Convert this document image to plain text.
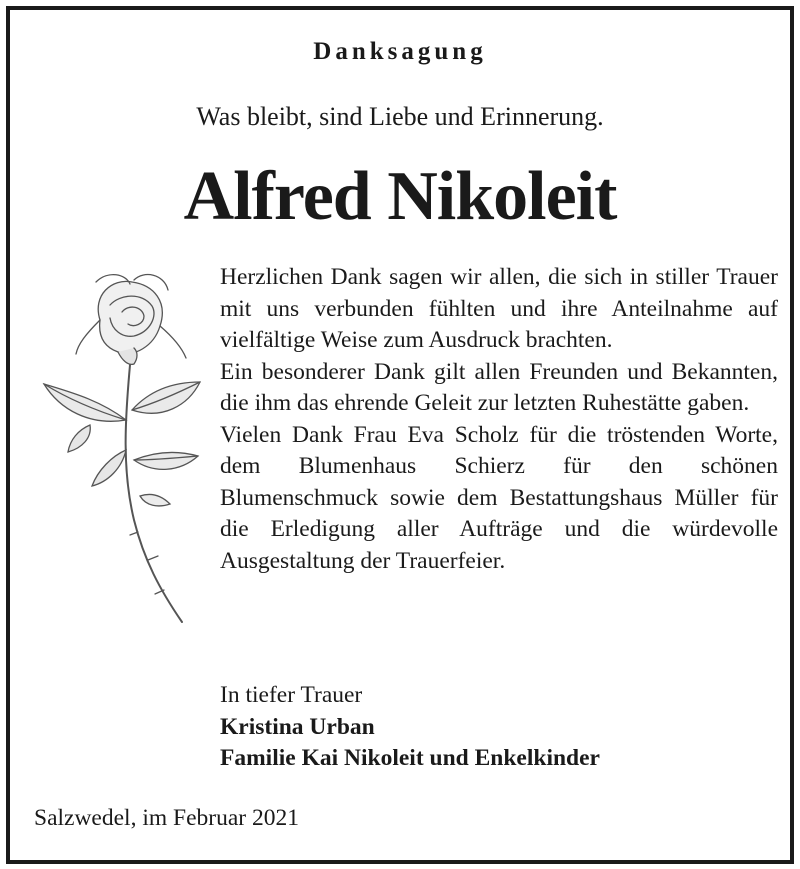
Danksagung
Was bleibt, sind Liebe und Erinnerung.
Alfred Nikoleit

Herzlichen Dank sagen wir allen, die sich in stiller Trauer mit uns verbunden fühlten und ihre Anteilnahme auf vielfältige Weise zum Ausdruck brachten.

Ein besonderer Dank gilt allen Freunden und Bekannten, die ihm das ehrende Geleit zur letzten Ruhestätte gaben.

Vielen Dank Frau Eva Scholz für die tröstenden Worte, dem Blumenhaus Schierz für den schönen Blumenschmuck sowie dem Bestattungshaus Müller für die Erledigung aller Aufträge und die würdevolle Ausgestaltung der Trauerfeier.

In tiefer Trauer
Kristina Urban
Familie Kai Nikoleit und Enkelkinder
Salzwedel, im Februar 2021
